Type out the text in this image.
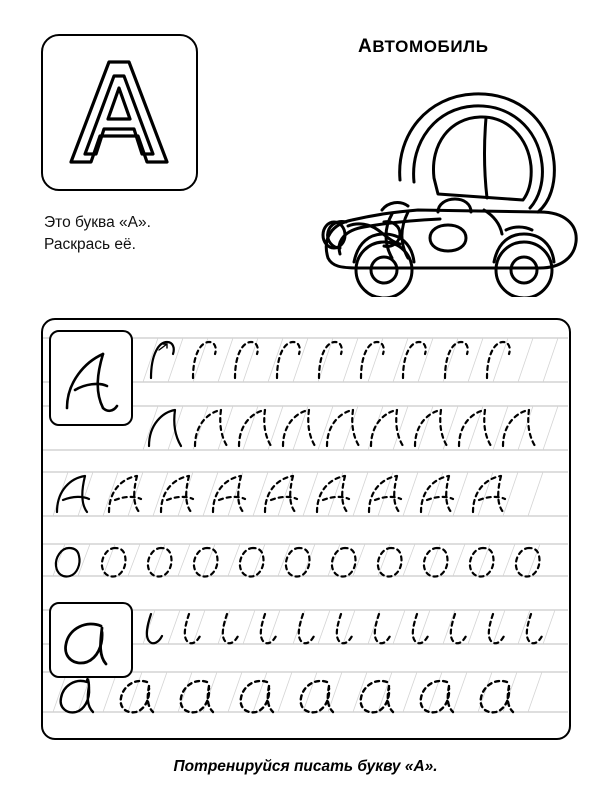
Это буква «А».
Раскрась её.
АВТОМОБИЛЬ
Потренируйся писать букву «А».
